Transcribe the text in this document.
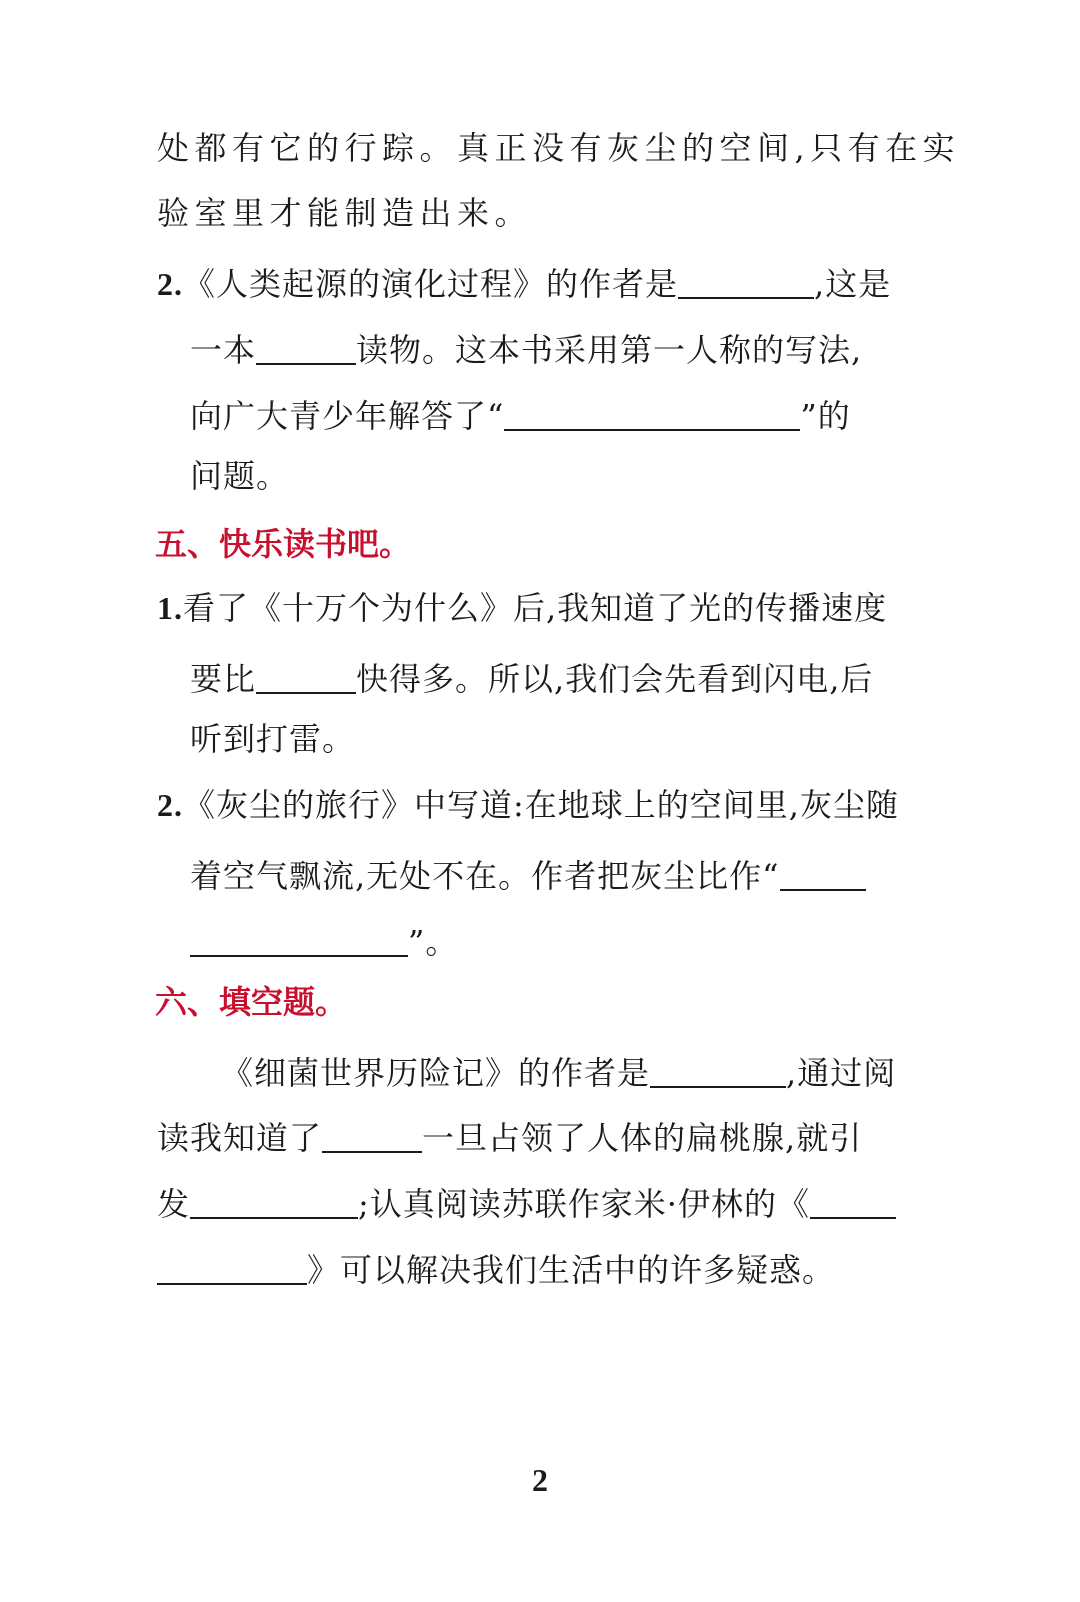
处都有它的行踪。真正没有灰尘的空间,只有在实
验室里才能制造出来。
2.《人类起源的演化过程》的作者是	,这是
一本	读物。这本书采用第一人称的写法,
向广大青少年解答了“	”的
问题。
五、快乐读书吧。
1.看了《十万个为什么》后,我知道了光的传播速度
要比	快得多。所以,我们会先看到闪电,后
听到打雷。
2.《灰尘的旅行》中写道:在地球上的空间里,灰尘随
着空气飘流,无处不在。作者把灰尘比作“
”。
六、填空题。
《细菌世界历险记》的作者是	,通过阅
读我知道了	一旦占领了人体的扁桃腺,就引
发	;认真阅读苏联作家米·伊林的《
》可以解决我们生活中的许多疑惑。
2
